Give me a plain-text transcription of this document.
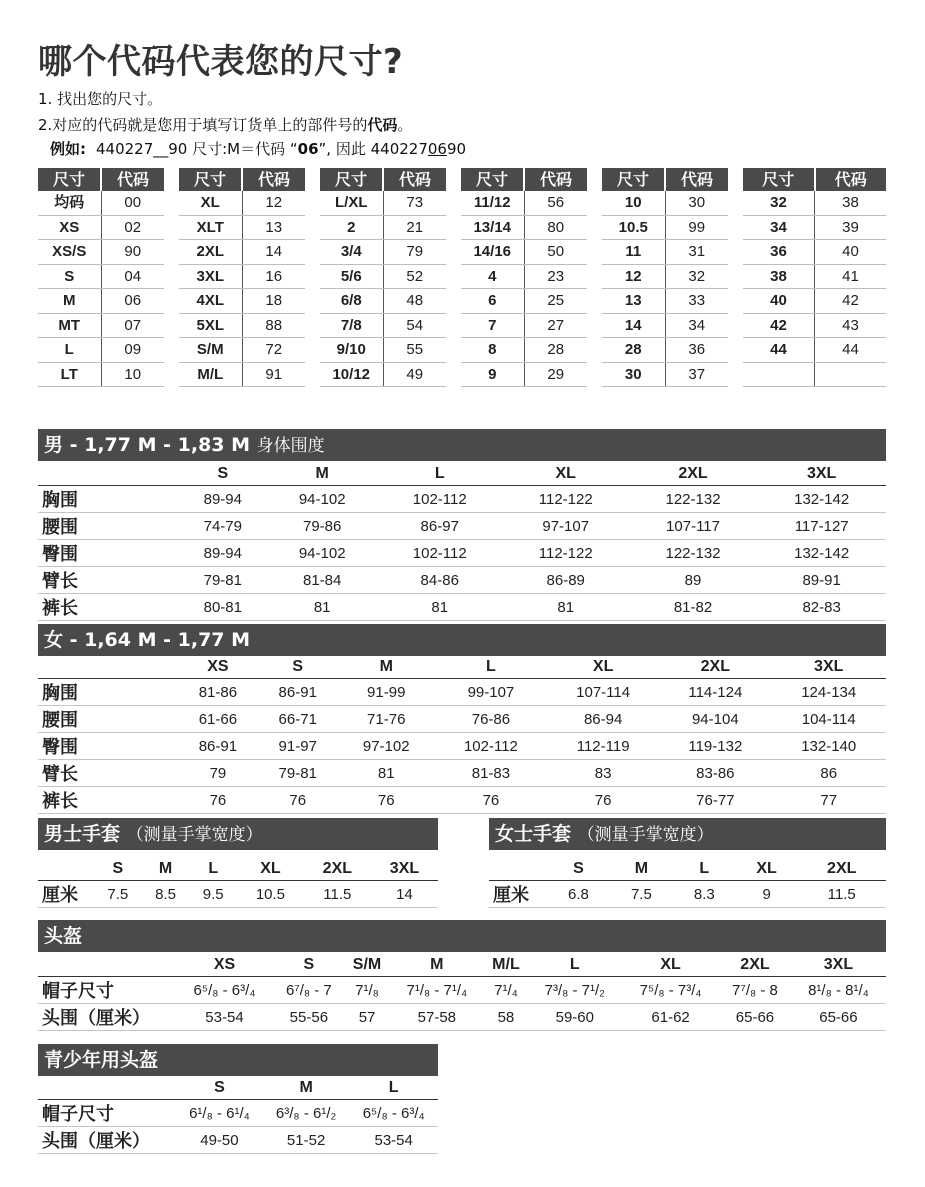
哪个代码代表您的尺寸?
1. 找出您的尺寸。
2.对应的代码就是您用于填写订货单上的部件号的代码。
例如: 440227__90 尺寸:M＝代码 “06”, 因此 4402270690
尺寸	代码
均码	00
XS	02
XS/S	90
S	04
M	06
MT	07
L	09
LT	10
尺寸	代码
XL	12
XLT	13
2XL	14
3XL	16
4XL	18
5XL	88
S/M	72
M/L	91
尺寸	代码
L/XL	73
2	21
3/4	79
5/6	52
6/8	48
7/8	54
9/10	55
10/12	49
尺寸	代码
11/12	56
13/14	80
14/16	50
4	23
6	25
7	27
8	28
9	29
尺寸	代码
10	30
10.5	99
11	31
12	32
13	33
14	34
28	36
30	37
尺寸	代码
32	38
34	39
36	40
38	41
40	42
42	43
44	44
男 - 1,77 M - 1,83 M 身体围度
	S	M	L	XL	2XL	3XL
胸围	89-94	94-102	102-112	112-122	122-132	132-142
腰围	74-79	79-86	86-97	97-107	107-117	117-127
臀围	89-94	94-102	102-112	112-122	122-132	132-142
臂长	79-81	81-84	84-86	86-89	89	89-91
裤长	80-81	81	81	81	81-82	82-83
女 - 1,64 M - 1,77 M
	XS	S	M	L	XL	2XL	3XL
胸围	81-86	86-91	91-99	99-107	107-114	114-124	124-134
腰围	61-66	66-71	71-76	76-86	86-94	94-104	104-114
臀围	86-91	91-97	97-102	102-112	112-119	119-132	132-140
臂长	79	79-81	81	81-83	83	83-86	86
裤长	76	76	76	76	76	76-77	77
男士手套 （测量手掌宽度）
	S	M	L	XL	2XL	3XL
厘米	7.5	8.5	9.5	10.5	11.5	14
女士手套 （测量手掌宽度）
	S	M	L	XL	2XL
厘米	6.8	7.5	8.3	9	11.5
头盔
	XS	S	S/M	M	M/L	L	XL	2XL	3XL
帽子尺寸	6⁵/₈ - 6³/₄	6⁷/₈ - 7	7¹/₈	7¹/₈ - 7¹/₄	7¹/₄	7³/₈ - 7¹/₂	7⁵/₈ - 7³/₄	7⁷/₈ - 8	8¹/₈ - 8¹/₄
头围（厘米）	53-54	55-56	57	57-58	58	59-60	61-62	65-66	65-66
青少年用头盔
	S	M	L
帽子尺寸	6¹/₈ - 6¹/₄	6³/₈ - 6¹/₂	6⁵/₈ - 6³/₄
头围（厘米）	49-50	51-52	53-54
